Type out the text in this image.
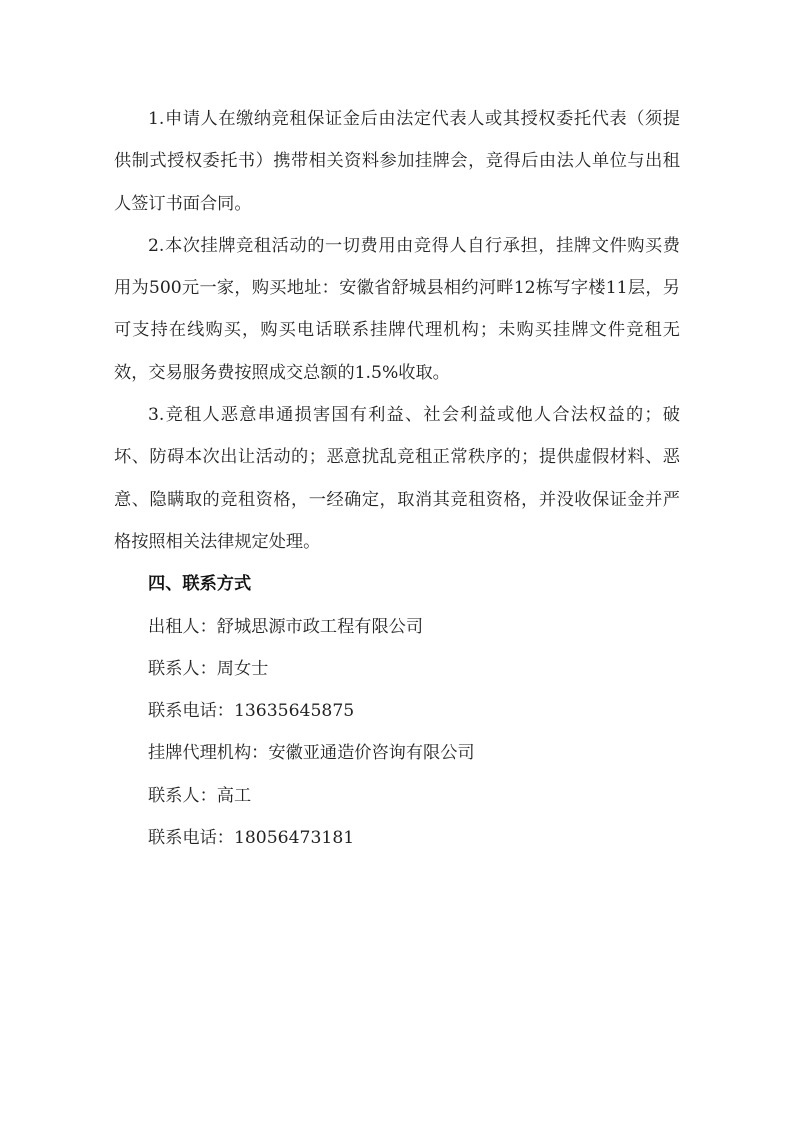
1.申请人在缴纳竞租保证金后由法定代表人或其授权委托代表（须提供制式授权委托书）携带相关资料参加挂牌会，竞得后由法人单位与出租人签订书面合同。

2.本次挂牌竞租活动的一切费用由竞得人自行承担，挂牌文件购买费用为500元一家，购买地址：安徽省舒城县相约河畔12栋写字楼11层，另可支持在线购买，购买电话联系挂牌代理机构；未购买挂牌文件竞租无效，交易服务费按照成交总额的1.5%收取。

3.竞租人恶意串通损害国有利益、社会利益或他人合法权益的；破坏、防碍本次出让活动的；恶意扰乱竞租正常秩序的；提供虚假材料、恶意、隐瞒取的竞租资格，一经确定，取消其竞租资格，并没收保证金并严格按照相关法律规定处理。

四、联系方式

出租人：舒城思源市政工程有限公司

联系人：周女士

联系电话：13635645875

挂牌代理机构：安徽亚通造价咨询有限公司

联系人：高工

联系电话：18056473181
